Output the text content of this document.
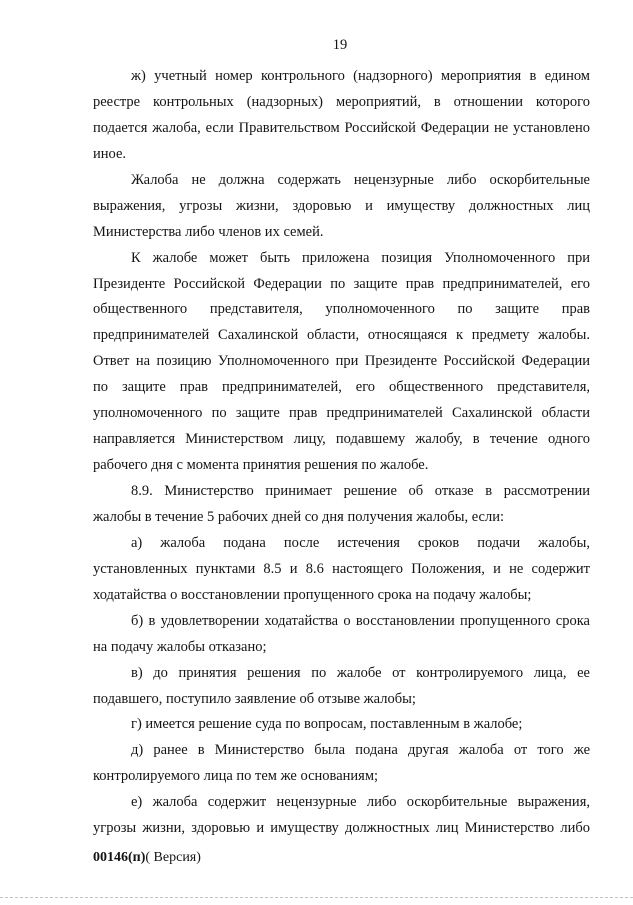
19
ж) учетный номер контрольного (надзорного) мероприятия в едином
реестре контрольных (надзорных) мероприятий, в отношении которого
подается жалоба, если Правительством Российской Федерации не установлено
иное.
Жалоба не должна содержать нецензурные либо оскорбительные
выражения, угрозы жизни, здоровью и имуществу должностных лиц
Министерства либо членов их семей.
К жалобе может быть приложена позиция Уполномоченного при
Президенте Российской Федерации по защите прав предпринимателей, его
общественного представителя, уполномоченного по защите прав
предпринимателей Сахалинской области, относящаяся к предмету жалобы.
Ответ на позицию Уполномоченного при Президенте Российской Федерации
по защите прав предпринимателей, его общественного представителя,
уполномоченного по защите прав предпринимателей Сахалинской области
направляется Министерством лицу, подавшему жалобу, в течение одного
рабочего дня с момента принятия решения по жалобе.
8.9. Министерство принимает решение об отказе в рассмотрении
жалобы в течение 5 рабочих дней со дня получения жалобы, если:
а) жалоба подана после истечения сроков подачи жалобы,
установленных пунктами 8.5 и 8.6 настоящего Положения, и не содержит
ходатайства о восстановлении пропущенного срока на подачу жалобы;
б) в удовлетворении ходатайства о восстановлении пропущенного срока
на подачу жалобы отказано;
в) до принятия решения по жалобе от контролируемого лица, ее
подавшего, поступило заявление об отзыве жалобы;
г) имеется решение суда по вопросам, поставленным в жалобе;
д) ранее в Министерство была подана другая жалоба от того же
контролируемого лица по тем же основаниям;
е) жалоба содержит нецензурные либо оскорбительные выражения,
угрозы жизни, здоровью и имуществу должностных лиц Министерство либо
00146(п)( Версия)
